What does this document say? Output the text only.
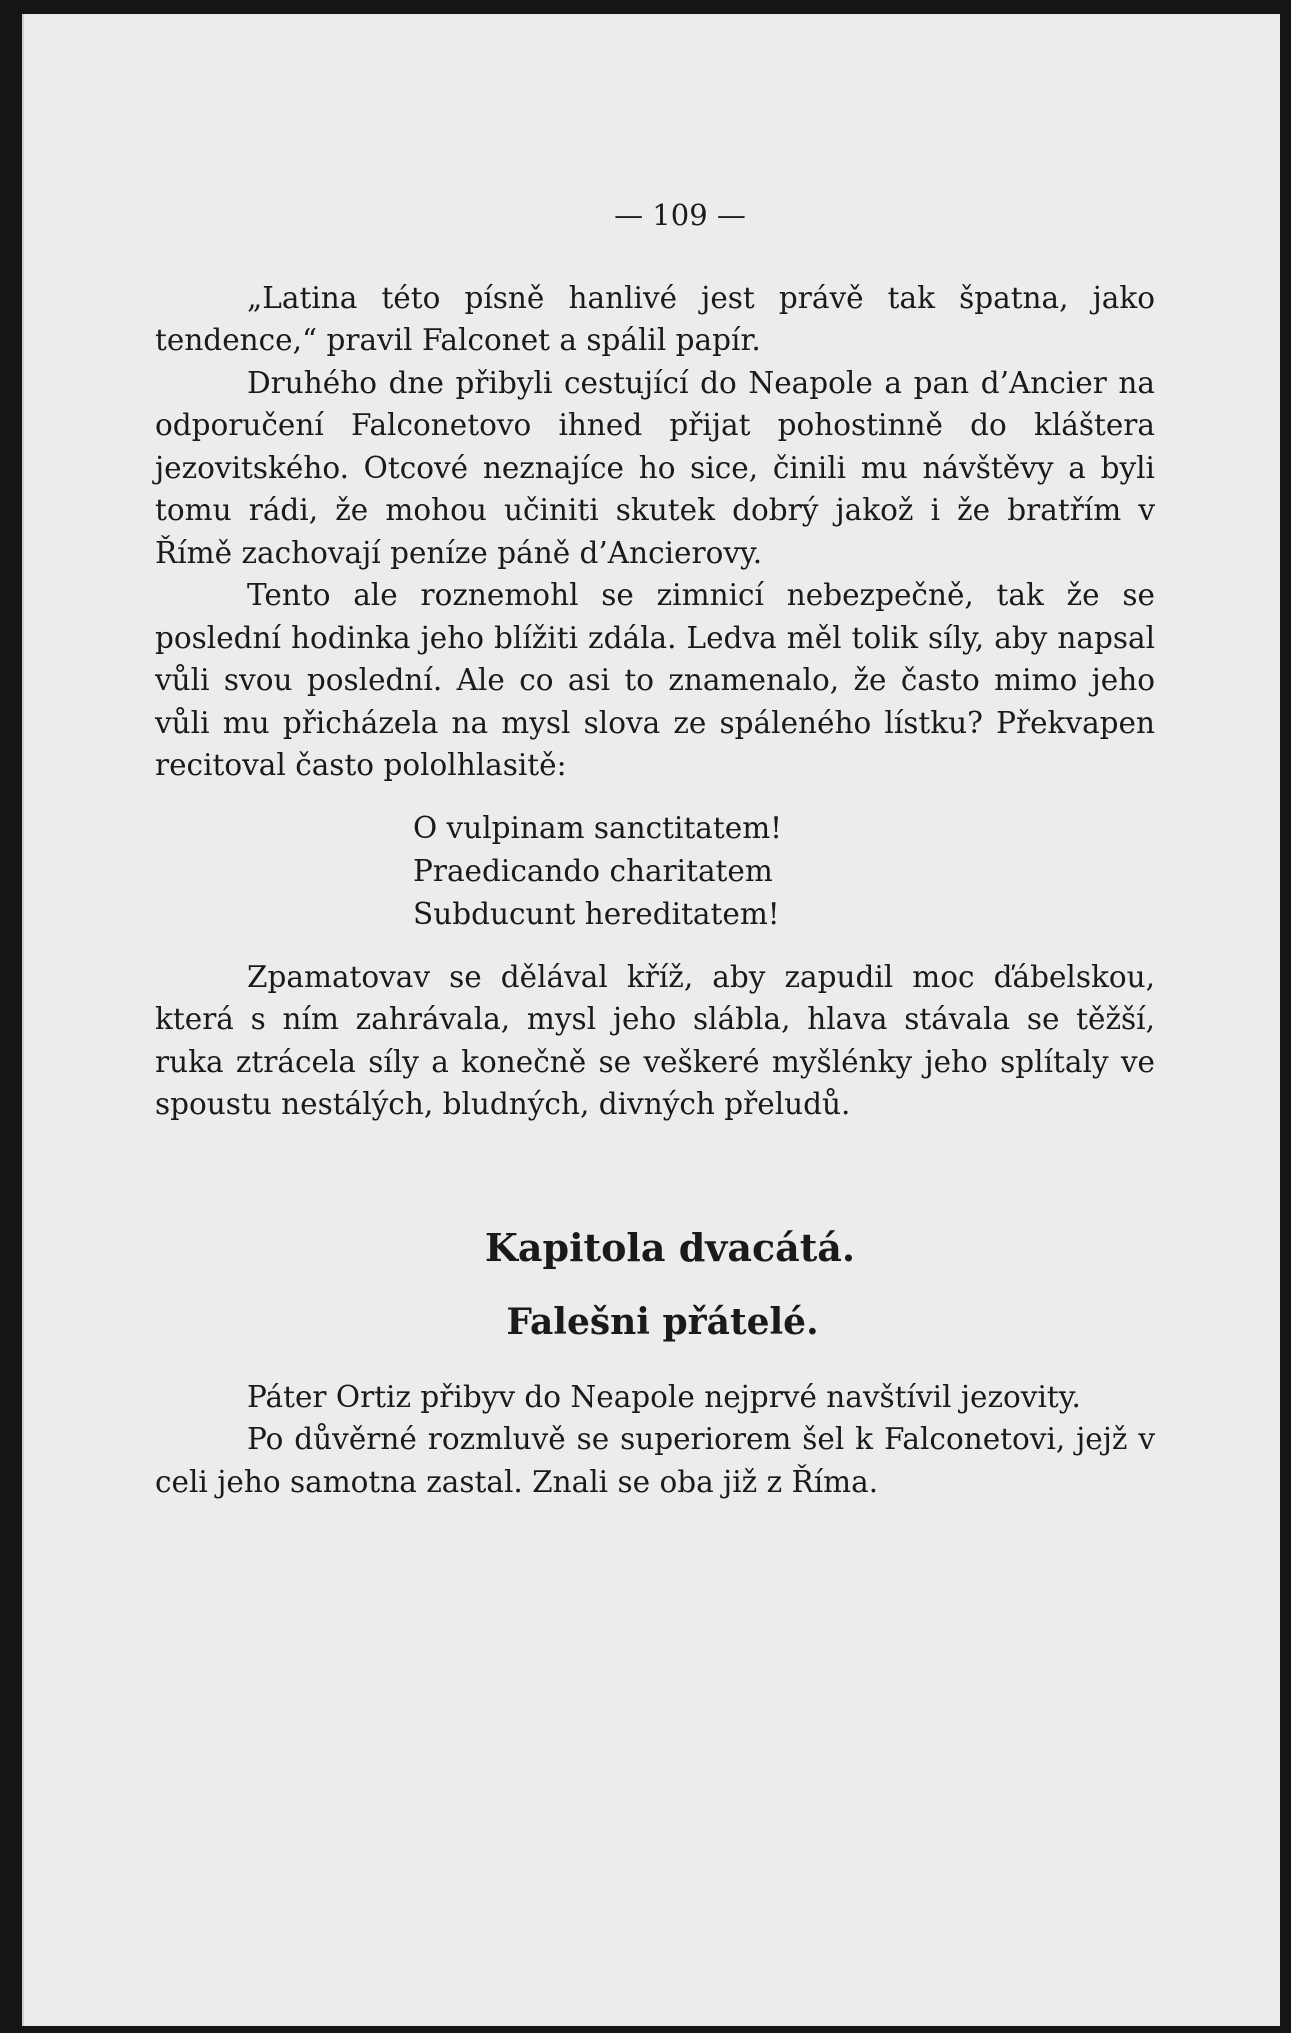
— 109 —

„Latina této písně hanlivé jest právě tak špatna, jako tendence,“ pravil Falconet a spálil papír.

Druhého dne přibyli cestující do Neapole a pan d’Ancier na odporučení Falconetovo ihned přijat pohostinně do kláštera jezovitského. Otcové neznajíce ho sice, činili mu návštěvy a byli tomu rádi, že mohou učiniti skutek dobrý jakož i že bratřím v Římě zachovají peníze páně d’Ancierovy.

Tento ale roznemohl se zimnicí nebezpečně, tak že se poslední hodinka jeho blížiti zdála. Ledva měl tolik síly, aby napsal vůli svou poslední. Ale co asi to znamenalo, že často mimo jeho vůli mu přicházela na mysl slova ze spáleného lístku? Překvapen recitoval často pololhlasitě:

O vulpinam sanctitatem!
Praedicando charitatem
Subducunt hereditatem!

Zpamatovav se dělával kříž, aby zapudil moc ďábelskou, která s ním zahrávala, mysl jeho slábla, hlava stávala se těžší, ruka ztrácela síly a konečně se veškeré myšlénky jeho splítaly ve spoustu nestálých, bludných, divných přeludů.

Kapitola dvacátá.
Falešni přátelé.

Páter Ortiz přibyv do Neapole nejprvé navštívil jezovity.

Po důvěrné rozmluvě se superiorem šel k Falconetovi, jejž v celi jeho samotna zastal. Znali se oba již z Říma.
